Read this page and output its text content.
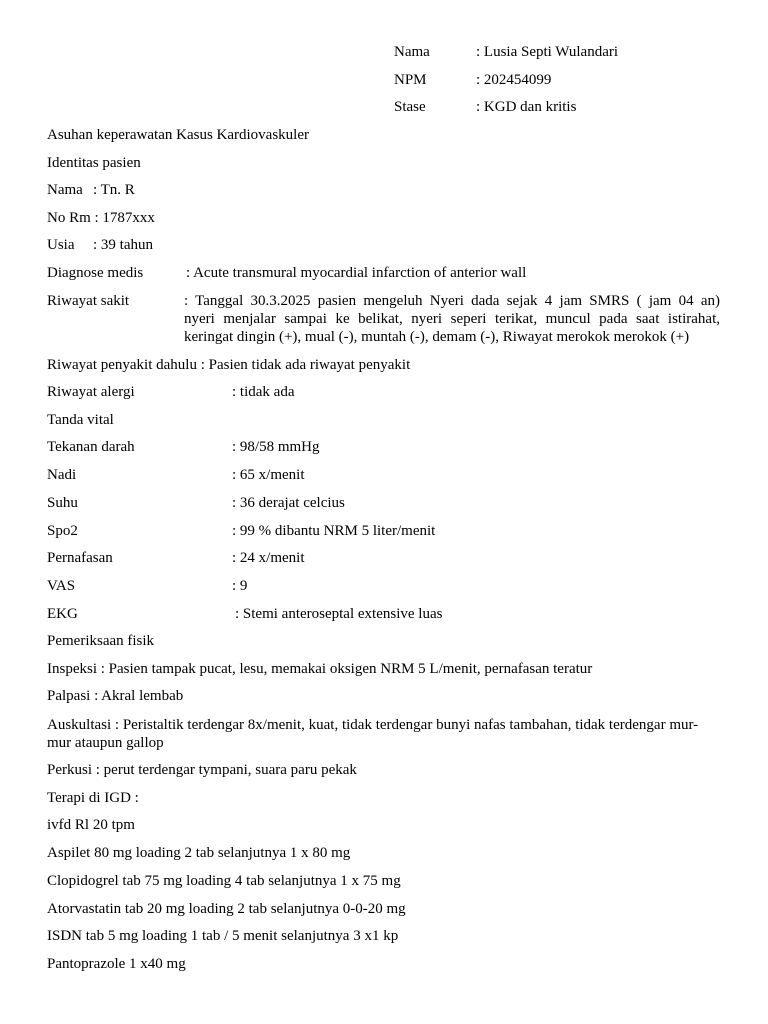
Nama	: Lusia Septi Wulandari
NPM	: 202454099
Stase	: KGD dan kritis
Asuhan keperawatan Kasus Kardiovaskuler
Identitas pasien
Nama : Tn. R
No Rm : 1787xxx
Usia : 39 tahun
Diagnose medis	: Acute transmural myocardial infarction of anterior wall
Riwayat sakit	: Tanggal 30.3.2025 pasien mengeluh Nyeri dada sejak 4 jam SMRS ( jam 04 an)
nyeri menjalar sampai ke belikat, nyeri seperi terikat, muncul pada saat istirahat,
keringat dingin (+), mual (-), muntah (-), demam (-), Riwayat merokok merokok (+)
Riwayat penyakit dahulu : Pasien tidak ada riwayat penyakit
Riwayat alergi	: tidak ada
Tanda vital
Tekanan darah	: 98/58 mmHg
Nadi	: 65 x/menit
Suhu	: 36 derajat celcius
Spo2	: 99 % dibantu NRM 5 liter/menit
Pernafasan	: 24 x/menit
VAS	: 9
EKG	: Stemi anteroseptal extensive luas
Pemeriksaan fisik
Inspeksi : Pasien tampak pucat, lesu, memakai oksigen NRM 5 L/menit, pernafasan teratur
Palpasi : Akral lembab
Auskultasi : Peristaltik terdengar 8x/menit, kuat, tidak terdengar bunyi nafas tambahan, tidak terdengar mur-
mur ataupun gallop
Perkusi : perut terdengar tympani, suara paru pekak
Terapi di IGD :
ivfd Rl 20 tpm
Aspilet 80 mg loading 2 tab selanjutnya 1 x 80 mg
Clopidogrel tab 75 mg loading 4 tab selanjutnya 1 x 75 mg
Atorvastatin tab 20 mg loading 2 tab selanjutnya 0-0-20 mg
ISDN tab 5 mg loading 1 tab / 5 menit selanjutnya 3 x1 kp
Pantoprazole 1 x40 mg
